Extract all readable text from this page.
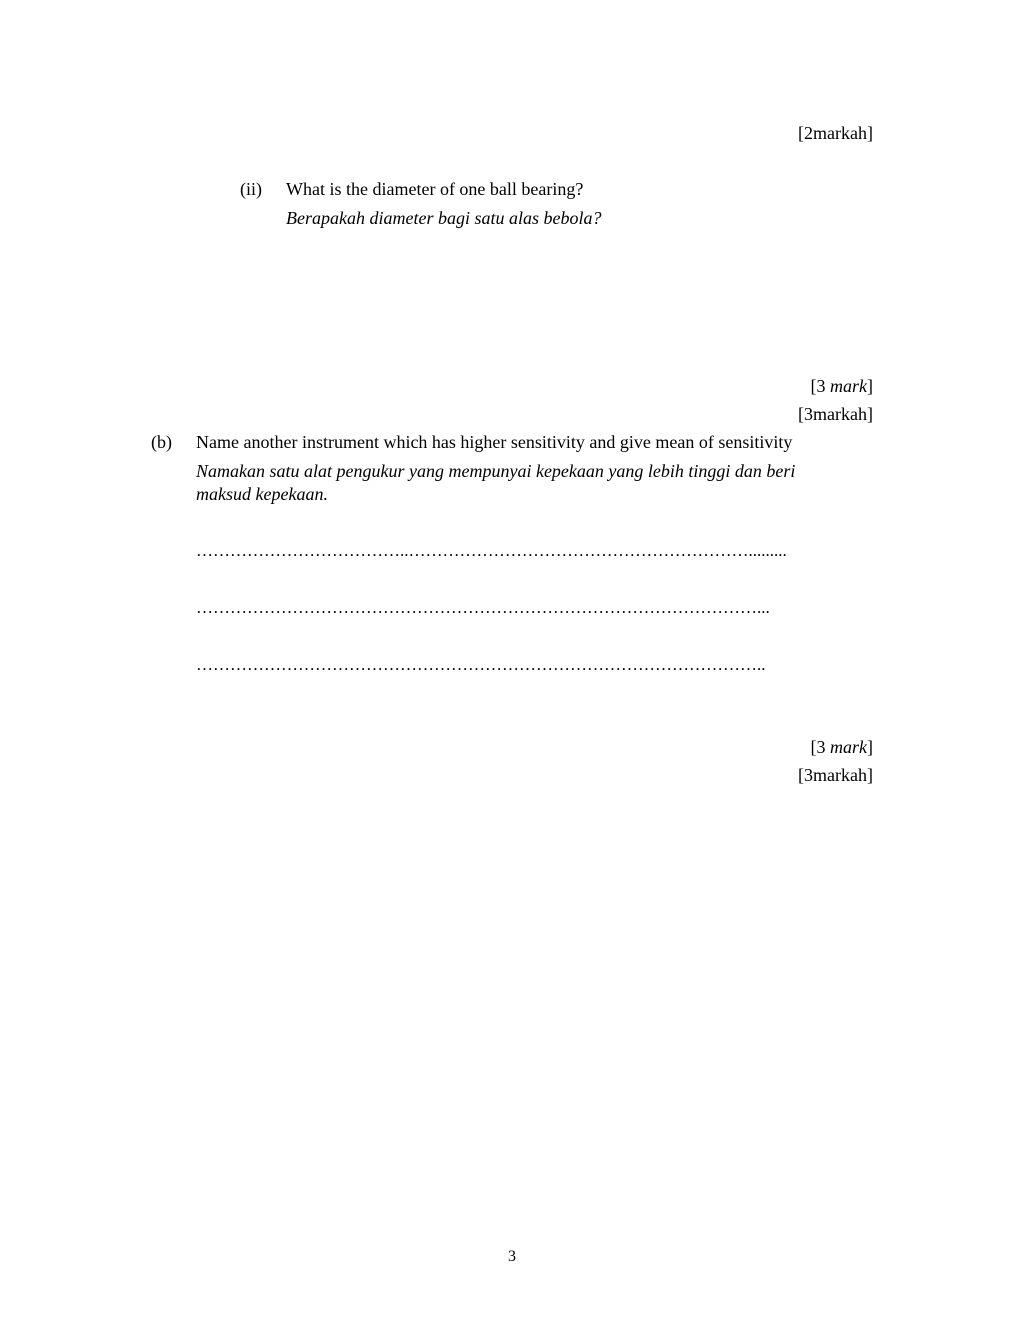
[2markah]
(ii) What is the diameter of one ball bearing?
Berapakah diameter bagi satu alas bebola?
[3 mark]
[3markah]
(b) Name another instrument which has higher sensitivity and give mean of sensitivity
Namakan satu alat pengukur yang mempunyai kepekaan yang lebih tinggi dan beri
maksud kepekaan.
………………………………..…………………………………………………….........
………………………………………………………………………………………...
………………………………………………………………………………………..
[3 mark]
[3markah]
3
